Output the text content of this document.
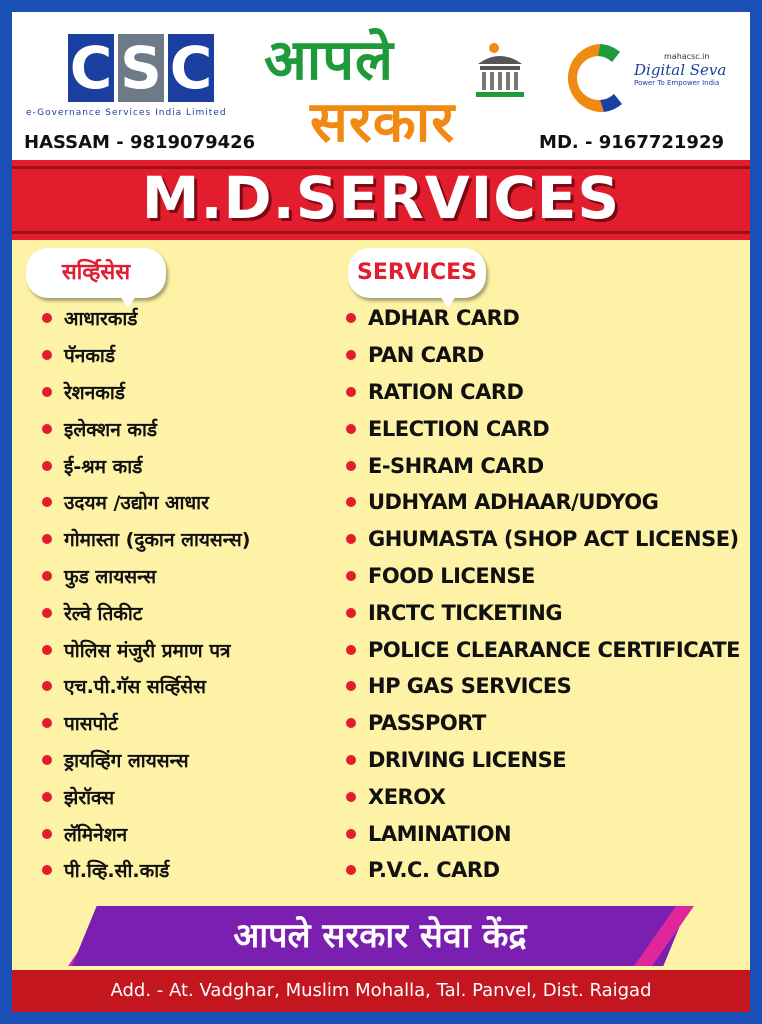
C S C
e-Governance Services India Limited
HASSAM - 9819079426
आपले
सरकार
mahacsc.in
Digital Seva
Power To Empower India
MD. - 9167721929
M.D.SERVICES
सर्व्हिसेस	SERVICES
आधारकार्ड
पॅनकार्ड
रेशनकार्ड
इलेक्शन कार्ड
ई-श्रम कार्ड
उदयम /उद्योग आधार
गोमास्ता (दुकान लायसन्स)
फुड लायसन्स
रेल्वे तिकीट
पोलिस मंजुरी प्रमाण पत्र
एच.पी.गॅस सर्व्हिसेस
पासपोर्ट
ड्रायव्हिंग लायसन्स
झेरॉक्स
लॅमिनेशन
पी.व्हि.सी.कार्ड
ADHAR CARD
PAN CARD
RATION CARD
ELECTION CARD
E-SHRAM CARD
UDHYAM ADHAAR/UDYOG
GHUMASTA (SHOP ACT LICENSE)
FOOD LICENSE
IRCTC TICKETING
POLICE CLEARANCE CERTIFICATE
HP GAS SERVICES
PASSPORT
DRIVING LICENSE
XEROX
LAMINATION
P.V.C. CARD
आपले सरकार सेवा केंद्र
Add. - At. Vadghar, Muslim Mohalla, Tal. Panvel, Dist. Raigad
